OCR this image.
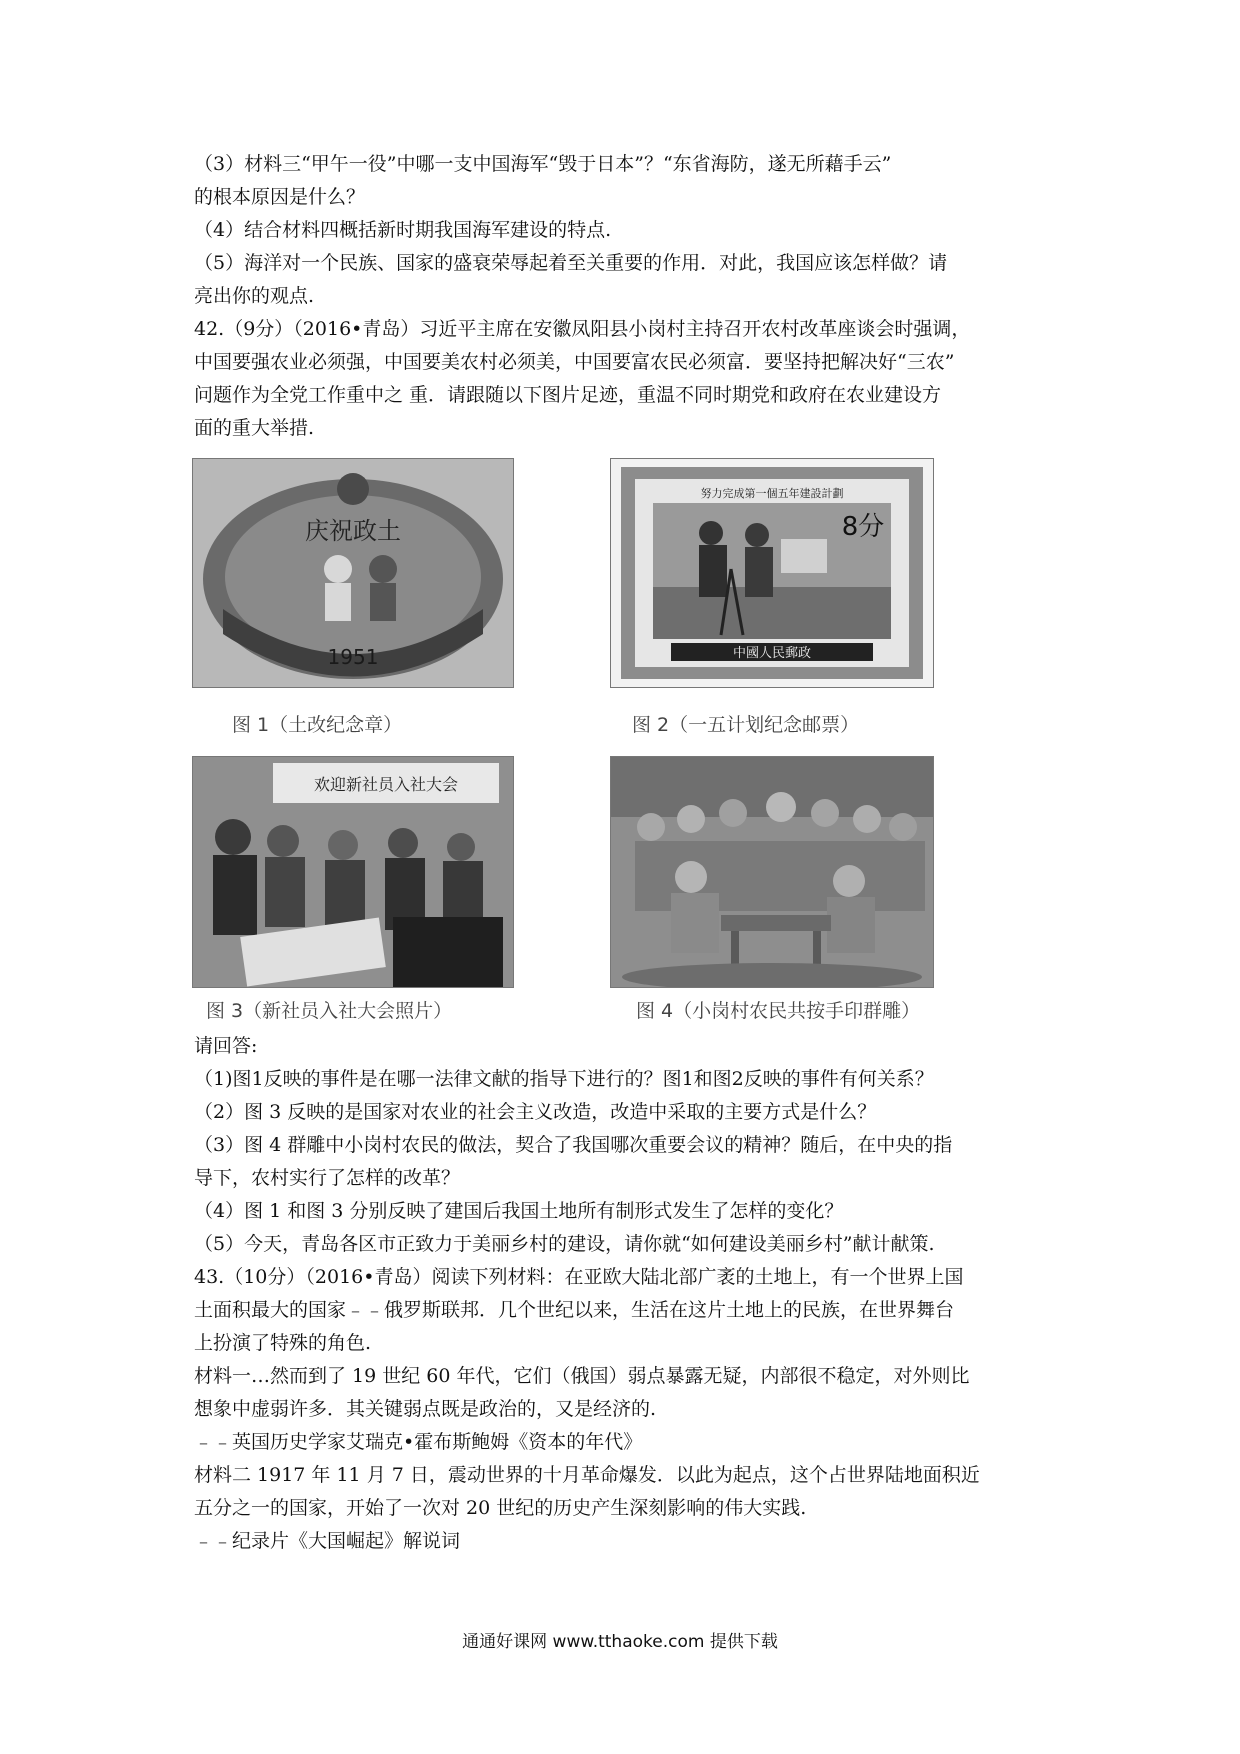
（3）材料三“甲午一役”中哪一支中国海军“毁于日本”？“东省海防，遂无所藉手云”
的根本原因是什么？
（4）结合材料四概括新时期我国海军建设的特点.
（5）海洋对一个民族、国家的盛衰荣辱起着至关重要的作用．对此，我国应该怎样做？请
亮出你的观点.
42.（9分）（2016•青岛）习近平主席在安徽凤阳县小岗村主持召开农村改革座谈会时强调，
中国要强农业必须强，中国要美农村必须美，中国要富农民必须富．要坚持把解决好“三农”
问题作为全党工作重中之 重．请跟随以下图片足迹，重温不同时期党和政府在农业建设方
面的重大举措.
庆祝政土
1951
图 1（土改纪念章）
努力完成第一個五年建設計劃
8分
中國人民郵政
图 2（一五计划纪念邮票）
欢迎新社员入社大会
图 3（新社员入社大会照片）	图 4（小岗村农民共按手印群雕）
请回答:
（1)图1反映的事件是在哪一法律文献的指导下进行的？图1和图2反映的事件有何关系？
（2）图 3 反映的是国家对农业的社会主义改造，改造中采取的主要方式是什么？
（3）图 4 群雕中小岗村农民的做法，契合了我国哪次重要会议的精神？随后，在中央的指
导下，农村实行了怎样的改革？
（4）图 1 和图 3 分别反映了建国后我国土地所有制形式发生了怎样的变化？
（5）今天，青岛各区市正致力于美丽乡村的建设，请你就“如何建设美丽乡村”献计献策.
43.（10分）（2016•青岛）阅读下列材料：在亚欧大陆北部广袤的土地上，有一个世界上国
土面积最大的国家﹣﹣俄罗斯联邦．几个世纪以来，生活在这片土地上的民族，在世界舞台
上扮演了特殊的角色.
材料一…然而到了 19 世纪 60 年代，它们（俄国）弱点暴露无疑，内部很不稳定，对外则比
想象中虚弱许多．其关键弱点既是政治的，又是经济的.
﹣﹣英国历史学家艾瑞克•霍布斯鲍姆《资本的年代》
材料二 1917 年 11 月 7 日，震动世界的十月革命爆发．以此为起点，这个占世界陆地面积近
五分之一的国家，开始了一次对 20 世纪的历史产生深刻影响的伟大实践.
﹣﹣纪录片《大国崛起》解说词
通通好课网 www.tthaoke.com 提供下载
